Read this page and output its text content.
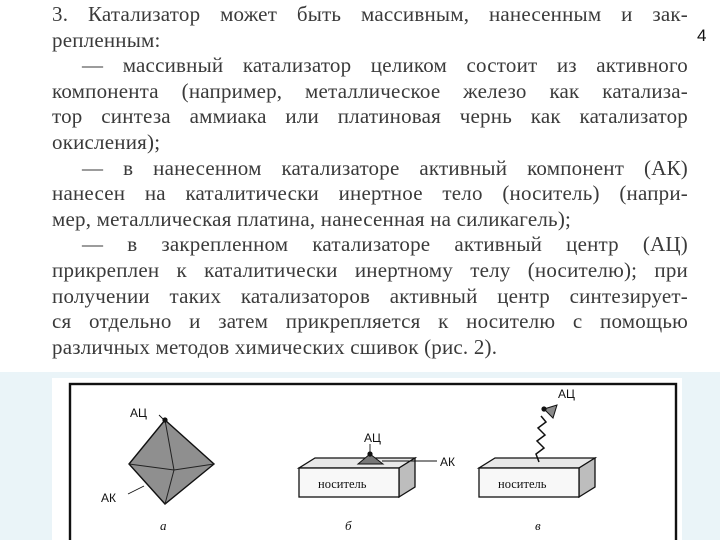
3. Катализатор может быть массивным, нанесенным и зак-
репленным:
— массивный катализатор целиком состоит из активного
компонента (например, металлическое железо как катализа-
тор синтеза аммиака или платиновая чернь как катализатор
окисления);
— в нанесенном катализаторе активный компонент (АК)
нанесен на каталитически инертное тело (носитель) (напри-
мер, металлическая платина, нанесенная на силикагель);
— в закрепленном катализаторе активный центр (АЦ)
прикреплен к каталитически инертному телу (носителю); при
получении таких катализаторов активный центр синтезирует-
ся отдельно и затем прикрепляется к носителю с помощью
различных методов химических сшивок (рис. 2).
4
АЦ
АК
а
АЦ
АК
носитель
б
АЦ
носитель
в
